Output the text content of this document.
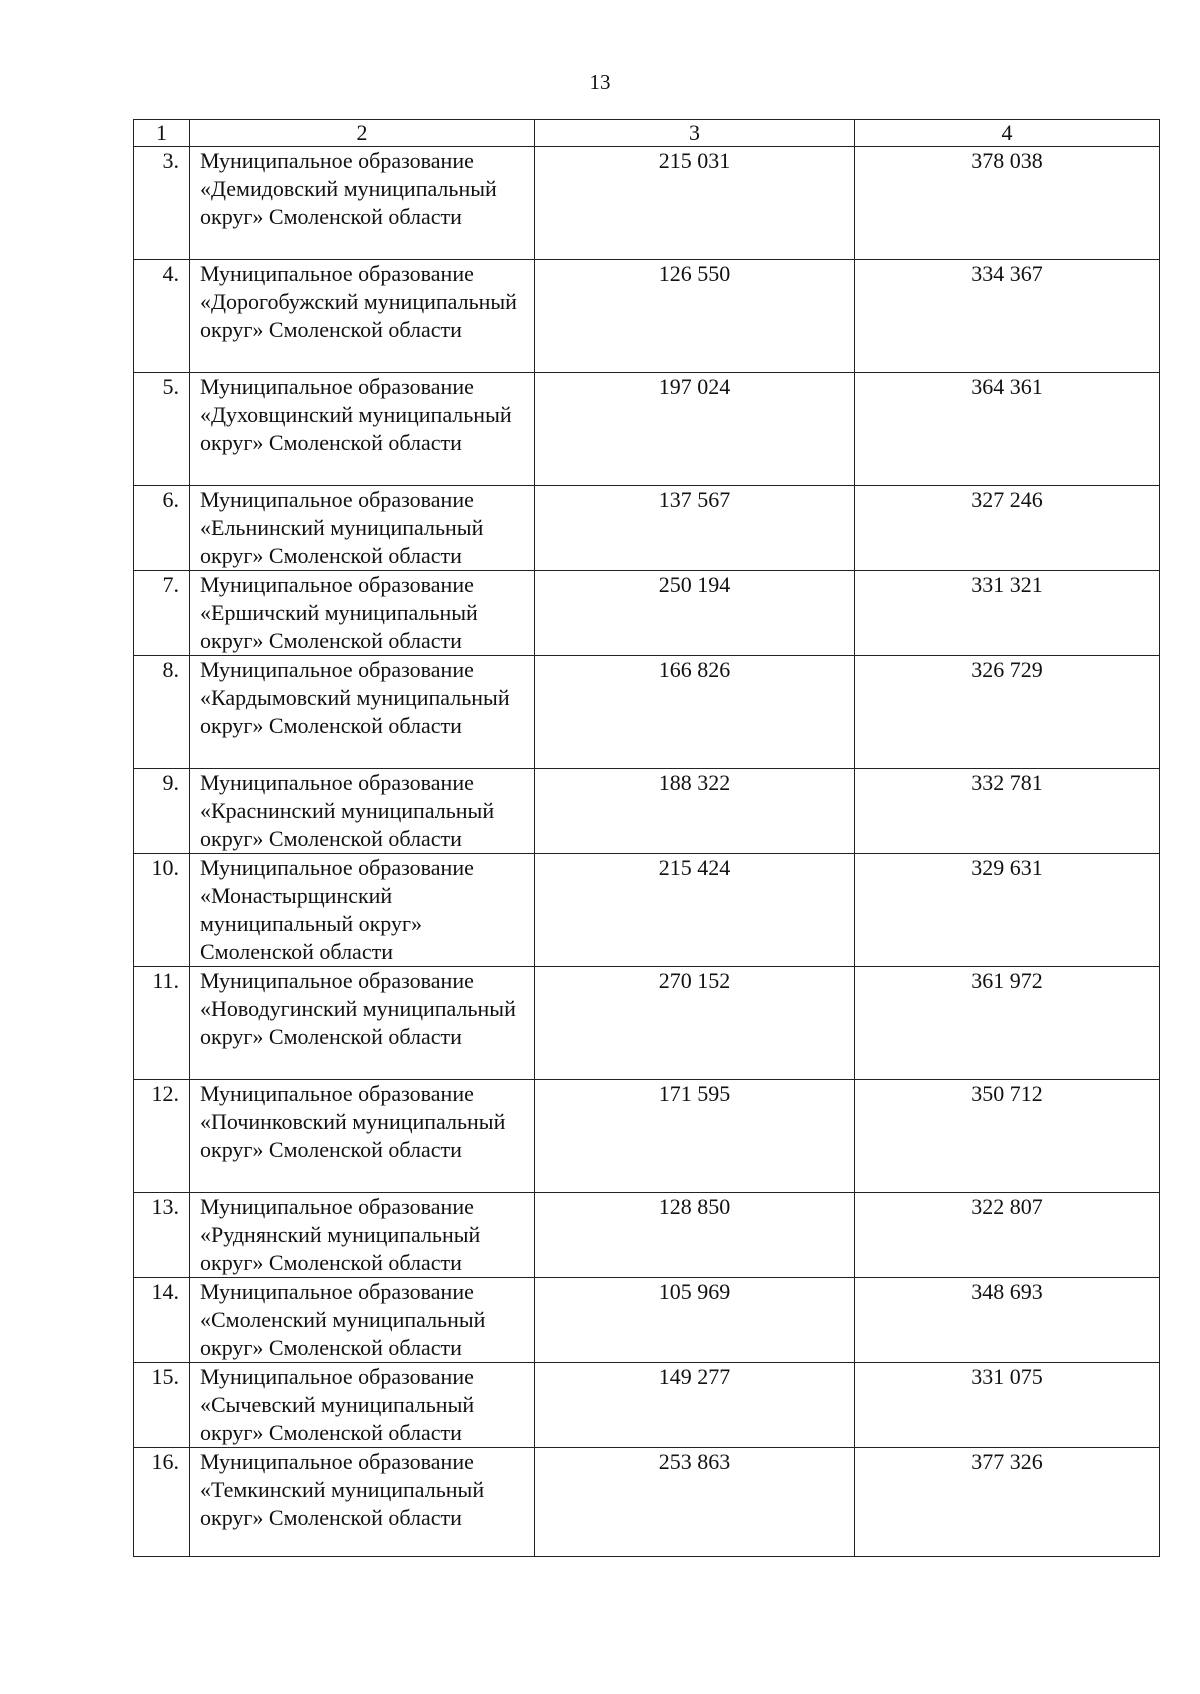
13
1	2	3	4
3.	Муниципальное образование «Демидовский муниципальный округ» Смоленской области	215 031	378 038
4.	Муниципальное образование «Дорогобужский муниципальный округ» Смоленской области	126 550	334 367
5.	Муниципальное образование «Духовщинский муниципальный округ» Смоленской области	197 024	364 361
6.	Муниципальное образование «Ельнинский муниципальный округ» Смоленской области	137 567	327 246
7.	Муниципальное образование «Ершичский муниципальный округ» Смоленской области	250 194	331 321
8.	Муниципальное образование «Кардымовский муниципальный округ» Смоленской области	166 826	326 729
9.	Муниципальное образование «Краснинский муниципальный округ» Смоленской области	188 322	332 781
10.	Муниципальное образование «Монастырщинский муниципальный округ» Смоленской области	215 424	329 631
11.	Муниципальное образование «Новодугинский муниципальный округ» Смоленской области	270 152	361 972
12.	Муниципальное образование «Починковский муниципальный округ» Смоленской области	171 595	350 712
13.	Муниципальное образование «Руднянский муниципальный округ» Смоленской области	128 850	322 807
14.	Муниципальное образование «Смоленский муниципальный округ» Смоленской области	105 969	348 693
15.	Муниципальное образование «Сычевский муниципальный округ» Смоленской области	149 277	331 075
16.	Муниципальное образование «Темкинский муниципальный округ» Смоленской области	253 863	377 326
